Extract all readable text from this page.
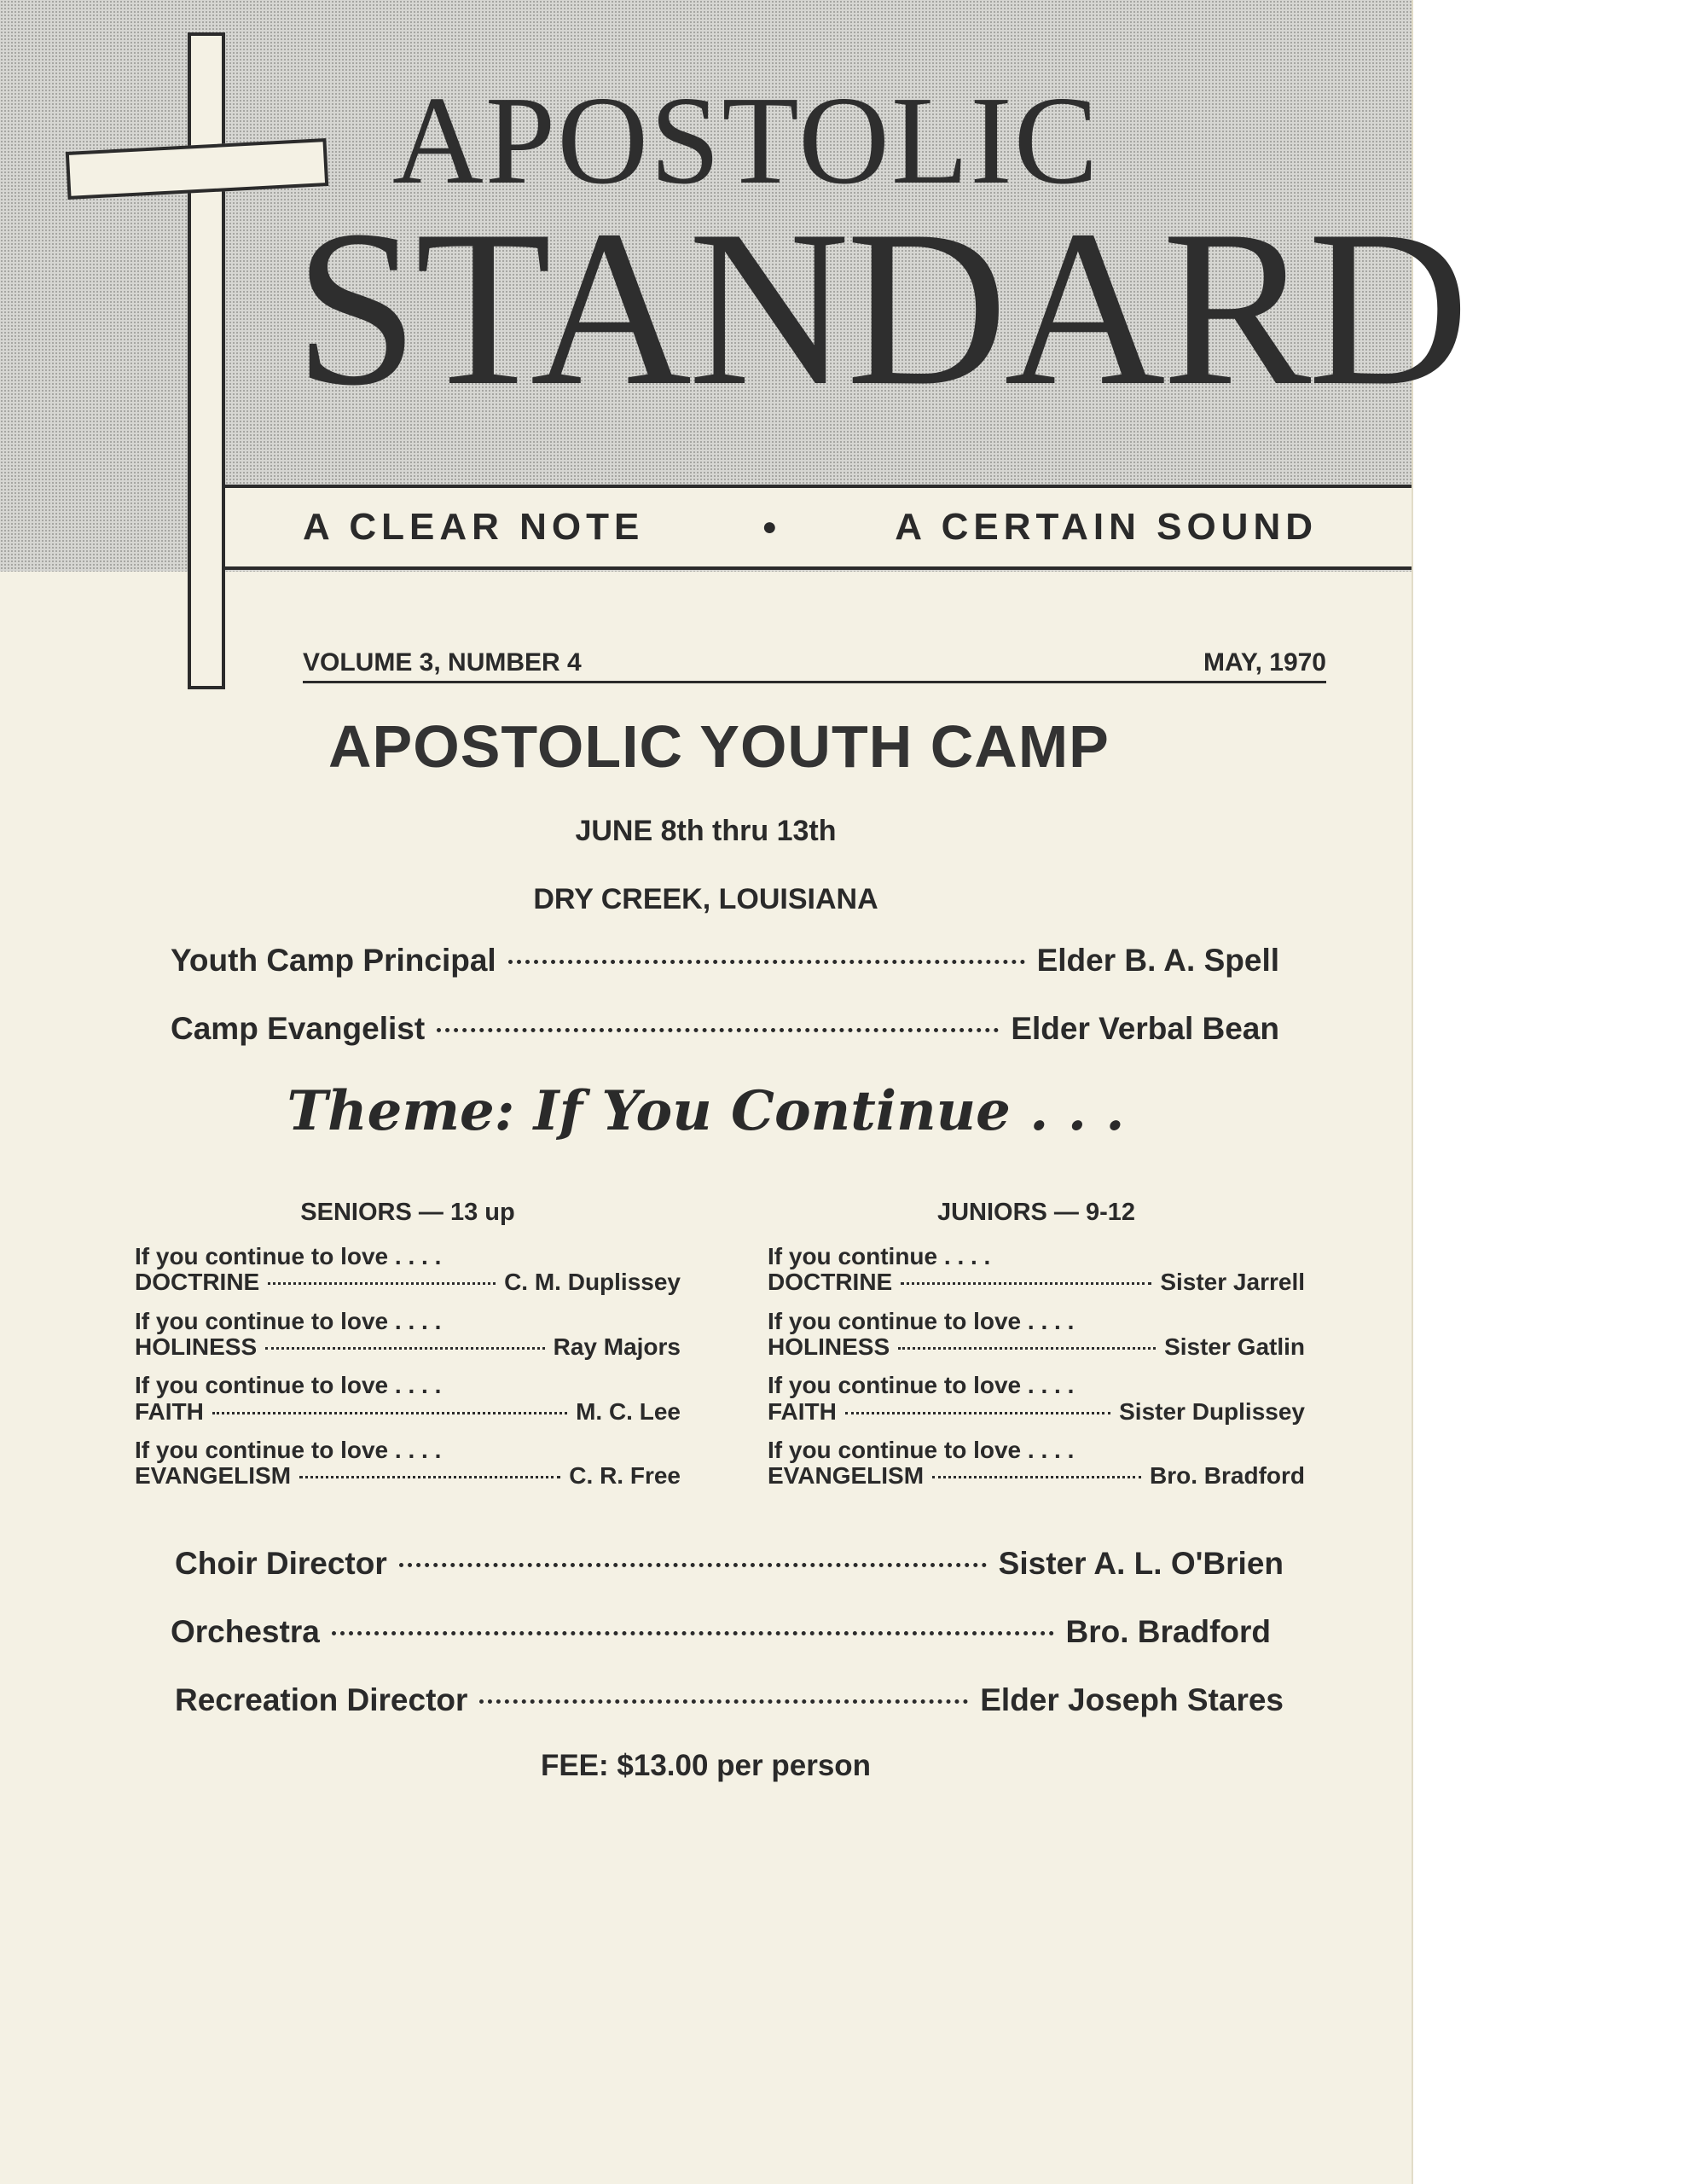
APOSTOLIC
STANDARD
A CLEAR NOTE	●	A CERTAIN SOUND
VOLUME 3, NUMBER 4	MAY, 1970
APOSTOLIC YOUTH CAMP
JUNE 8th thru 13th
DRY CREEK, LOUISIANA
Youth Camp Principal	Elder B. A. Spell
Camp Evangelist	Elder Verbal Bean
Theme: If You Continue . . .
SENIORS — 13 up
If you continue to love . . . .
DOCTRINE	C. M. Duplissey
If you continue to love . . . .
HOLINESS	Ray Majors
If you continue to love . . . .
FAITH	M. C. Lee
If you continue to love . . . .
EVANGELISM	C. R. Free
JUNIORS — 9-12
If you continue . . . .
DOCTRINE	Sister Jarrell
If you continue to love . . . .
HOLINESS	Sister Gatlin
If you continue to love . . . .
FAITH	Sister Duplissey
If you continue to love . . . .
EVANGELISM	Bro. Bradford
Choir Director	Sister A. L. O'Brien
Orchestra	Bro. Bradford
Recreation Director	Elder Joseph Stares
FEE: $13.00 per person
